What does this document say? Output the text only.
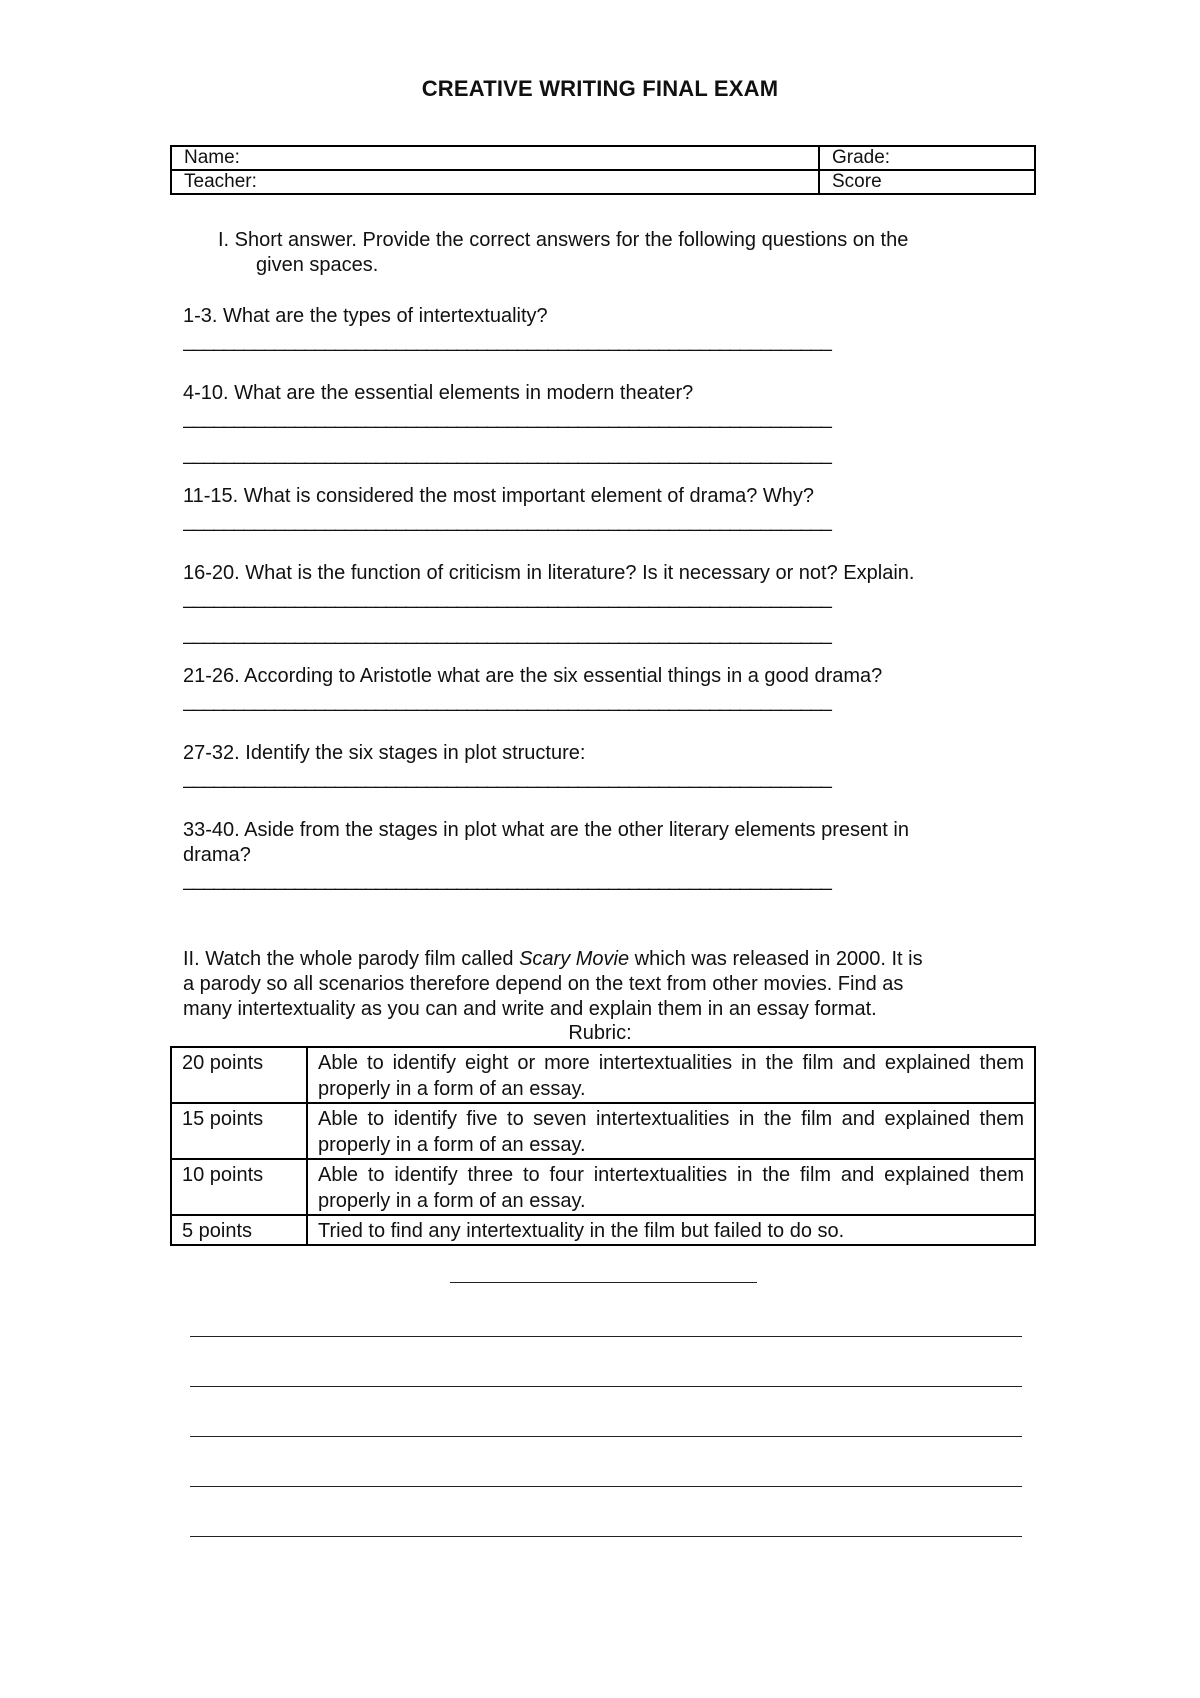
CREATIVE WRITING FINAL EXAM
Name:	Grade:
Teacher:	Score
I. Short answer. Provide the correct answers for the following questions on the
given spaces.
1-3. What are the types of intertextuality?
________________________________________________________________
4-10. What are the essential elements in modern theater?
________________________________________________________________
________________________________________________________________
11-15. What is considered the most important element of drama? Why?
________________________________________________________________
16-20. What is the function of criticism in literature? Is it necessary or not? Explain.
________________________________________________________________
________________________________________________________________
21-26. According to Aristotle what are the six essential things in a good drama?
________________________________________________________________
27-32. Identify the six stages in plot structure:
________________________________________________________________
33-40. Aside from the stages in plot what are the other literary elements present in
drama?
________________________________________________________________
II. Watch the whole parody film called Scary Movie which was released in 2000. It is
a parody so all scenarios therefore depend on the text from other movies. Find as
many intertextuality as you can and write and explain them in an essay format.
Rubric:
20 points	Able to identify eight or more intertextualities in the film and explained them properly in a form of an essay.
15 points	Able to identify five to seven intertextualities in the film and explained them properly in a form of an essay.
10 points	Able to identify three to four intertextualities in the film and explained them properly in a form of an essay.
5 points	Tried to find any intertextuality in the film but failed to do so.
